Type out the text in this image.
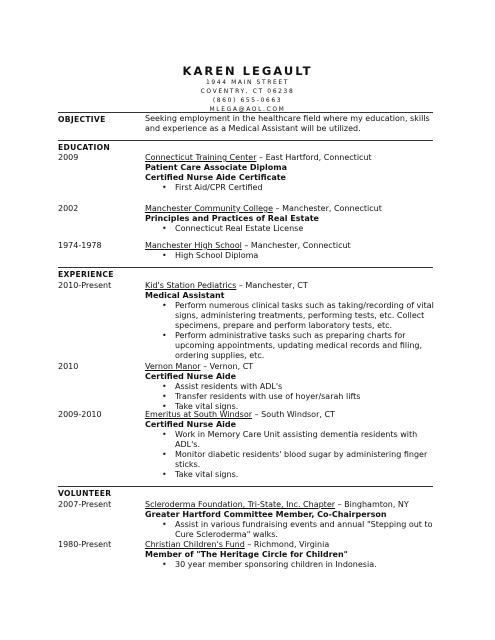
KAREN LEGAULT
1944 MAIN STREET
COVENTRY, CT 06238
(860) 655-0663
MLEGA@AOL.COM
OBJECTIVE	Seeking employment in the healthcare field where my education, skills and experience as a Medical Assistant will be utilized.
EDUCATION
2009	Connecticut Training Center – East Hartford, Connecticut
Patient Care Associate Diploma
Certified Nurse Aide Certificate
• First Aid/CPR Certified
2002	Manchester Community College – Manchester, Connecticut
Principles and Practices of Real Estate
• Connecticut Real Estate License
1974-1978	Manchester High School – Manchester, Connecticut
• High School Diploma
EXPERIENCE
2010-Present	Kid's Station Pediatrics – Manchester, CT
Medical Assistant
• Perform numerous clinical tasks such as taking/recording of vital signs, administering treatments, performing tests, etc. Collect specimens, prepare and perform laboratory tests, etc.
• Perform administrative tasks such as preparing charts for upcoming appointments, updating medical records and filing, ordering supplies, etc.
2010	Vernon Manor – Vernon, CT
Certified Nurse Aide
• Assist residents with ADL's
• Transfer residents with use of hoyer/sarah lifts
• Take vital signs.
2009-2010	Emeritus at South Windsor – South Windsor, CT
Certified Nurse Aide
• Work in Memory Care Unit assisting dementia residents with ADL's.
• Monitor diabetic residents' blood sugar by administering finger sticks.
• Take vital signs.
VOLUNTEER
2007-Present	Scleroderma Foundation, Tri-State, Inc. Chapter – Binghamton, NY
Greater Hartford Committee Member, Co-Chairperson
• Assist in various fundraising events and annual "Stepping out to Cure Scleroderma" walks.
1980-Present	Christian Children's Fund – Richmond, Virginia
Member of "The Heritage Circle for Children"
• 30 year member sponsoring children in Indonesia.
